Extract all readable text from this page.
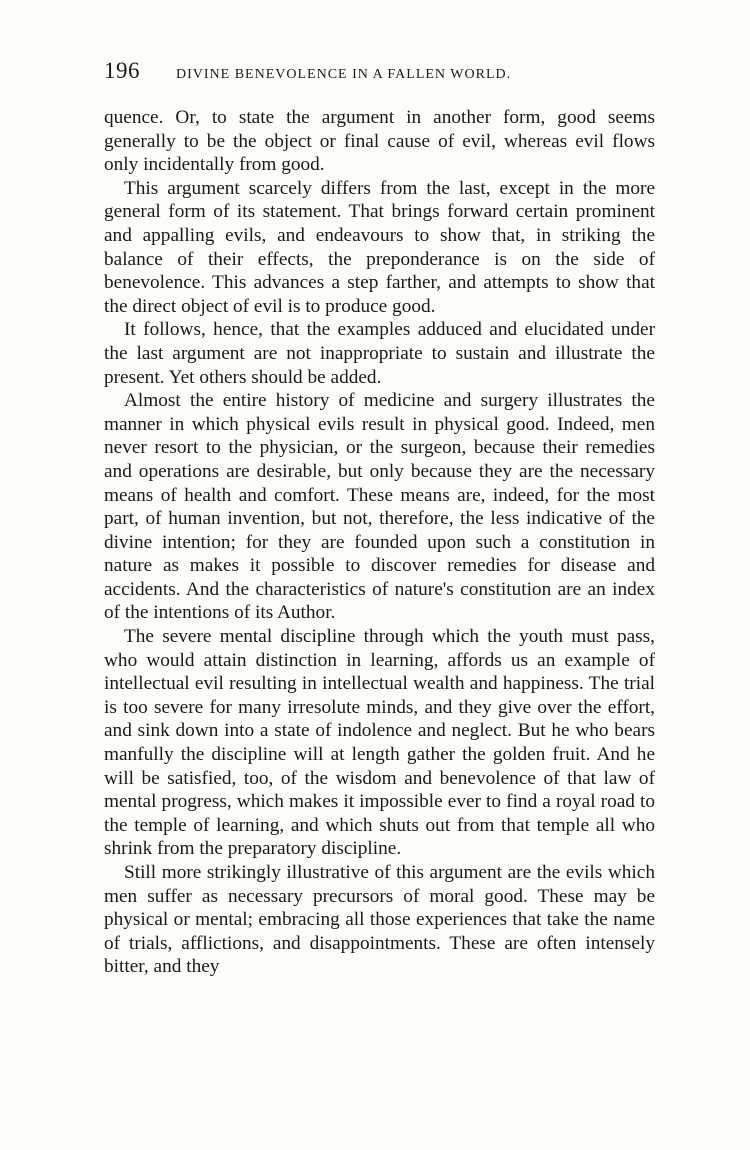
196	DIVINE BENEVOLENCE IN A FALLEN WORLD.

quence. Or, to state the argument in another form, good seems generally to be the object or final cause of evil, whereas evil flows only incidentally from good.

This argument scarcely differs from the last, except in the more general form of its statement. That brings forward certain prominent and appalling evils, and endeavours to show that, in striking the balance of their effects, the preponderance is on the side of benevolence. This advances a step farther, and attempts to show that the direct object of evil is to produce good.

It follows, hence, that the examples adduced and elucidated under the last argument are not inappropriate to sustain and illustrate the present. Yet others should be added.

Almost the entire history of medicine and surgery illustrates the manner in which physical evils result in physical good. Indeed, men never resort to the physician, or the surgeon, because their remedies and operations are desirable, but only because they are the necessary means of health and comfort. These means are, indeed, for the most part, of human invention, but not, therefore, the less indicative of the divine intention; for they are founded upon such a constitution in nature as makes it possible to discover remedies for disease and accidents. And the characteristics of nature's constitution are an index of the intentions of its Author.

The severe mental discipline through which the youth must pass, who would attain distinction in learning, affords us an example of intellectual evil resulting in intellectual wealth and happiness. The trial is too severe for many irresolute minds, and they give over the effort, and sink down into a state of indolence and neglect. But he who bears manfully the discipline will at length gather the golden fruit. And he will be satisfied, too, of the wisdom and benevolence of that law of mental progress, which makes it impossible ever to find a royal road to the temple of learning, and which shuts out from that temple all who shrink from the preparatory discipline.

Still more strikingly illustrative of this argument are the evils which men suffer as necessary precursors of moral good. These may be physical or mental; embracing all those experiences that take the name of trials, afflictions, and disappointments. These are often intensely bitter, and they
